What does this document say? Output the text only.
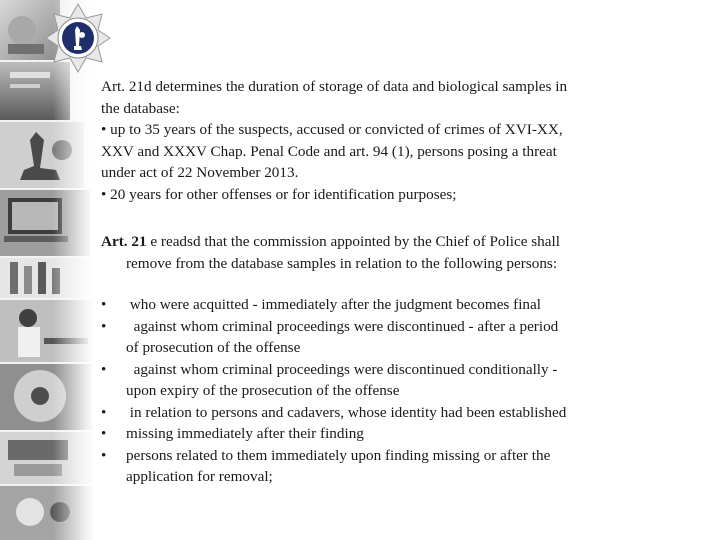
Art. 21d determines the duration of storage of data and biological samples in
the database:
• up to 35 years of the suspects, accused or convicted of crimes of XVI-XX,
XXV and XXXV Chap. Penal Code and art. 94 (1), persons posing a threat
under act of 22 November 2013.
• 20 years for other offenses or for identification purposes;
Art. 21 e readsd that the commission appointed by the Chief of Police shall
remove from the database samples in relation to the following persons:
• who were acquitted - immediately after the judgment becomes final
• against whom criminal proceedings were discontinued - after a period
of prosecution of the offense
• against whom criminal proceedings were discontinued conditionally -
upon expiry of the prosecution of the offense
• in relation to persons and cadavers, whose identity had been established
• missing immediately after their finding
• persons related to them immediately upon finding missing or after the
application for removal;
